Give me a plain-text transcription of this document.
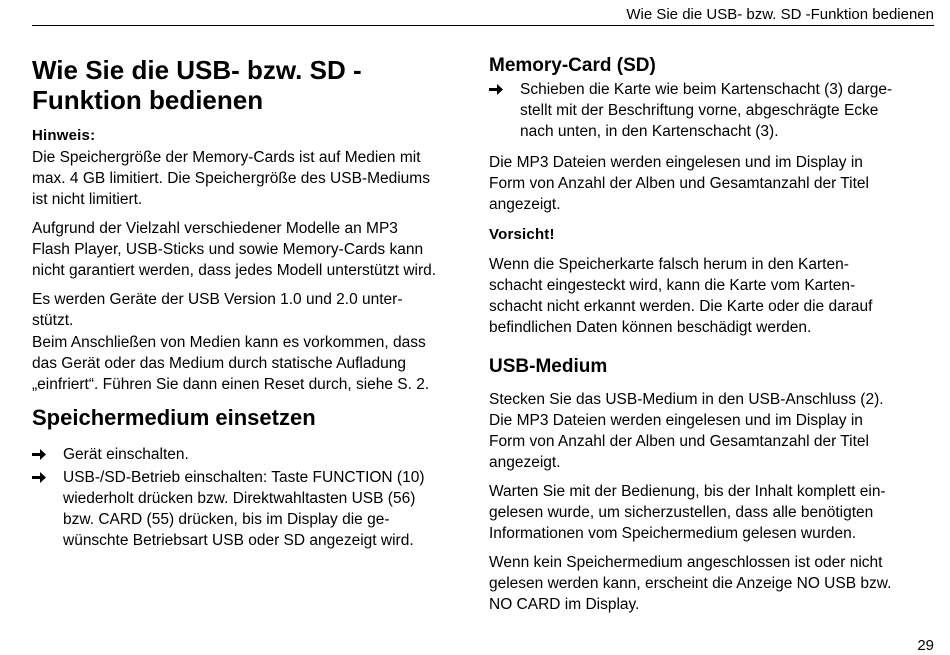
Wie Sie die USB- bzw. SD -Funktion bedienen
Wie Sie die USB- bzw. SD -
Funktion bedienen
Hinweis:

Die Speichergröße der Memory-Cards ist auf Medien mit
max. 4 GB limitiert. Die Speichergröße des USB-Mediums
ist nicht limitiert.

Aufgrund der Vielzahl verschiedener Modelle an MP3
Flash Player, USB-Sticks und sowie Memory-Cards kann
nicht garantiert werden, dass jedes Modell unterstützt wird.

Es werden Geräte der USB Version 1.0 und 2.0 unter-
stützt.

Beim Anschließen von Medien kann es vorkommen, dass
das Gerät oder das Medium durch statische Aufladung
„einfriert“. Führen Sie dann einen Reset durch, siehe S. 2.

Speichermedium einsetzen
Gerät einschalten.
USB-/SD-Betrieb einschalten: Taste FUNCTION (10)
wiederholt drücken bzw. Direktwahltasten USB (56)
bzw. CARD (55) drücken, bis im Display die ge-
wünschte Betriebsart USB oder SD angezeigt wird.
Memory-Card (SD)
Schieben die Karte wie beim Kartenschacht (3) darge-
stellt mit der Beschriftung vorne, abgeschrägte Ecke
nach unten, in den Kartenschacht (3).

Die MP3 Dateien werden eingelesen und im Display in
Form von Anzahl der Alben und Gesamtanzahl der Titel
angezeigt.

Vorsicht!

Wenn die Speicherkarte falsch herum in den Karten-
schacht eingesteckt wird, kann die Karte vom Karten-
schacht nicht erkannt werden. Die Karte oder die darauf
befindlichen Daten können beschädigt werden.

USB-Medium

Stecken Sie das USB-Medium in den USB-Anschluss (2).
Die MP3 Dateien werden eingelesen und im Display in
Form von Anzahl der Alben und Gesamtanzahl der Titel
angezeigt.

Warten Sie mit der Bedienung, bis der Inhalt komplett ein-
gelesen wurde, um sicherzustellen, dass alle benötigten
Informationen vom Speichermedium gelesen wurden.

Wenn kein Speichermedium angeschlossen ist oder nicht
gelesen werden kann, erscheint die Anzeige NO USB bzw.
NO CARD im Display.

29
